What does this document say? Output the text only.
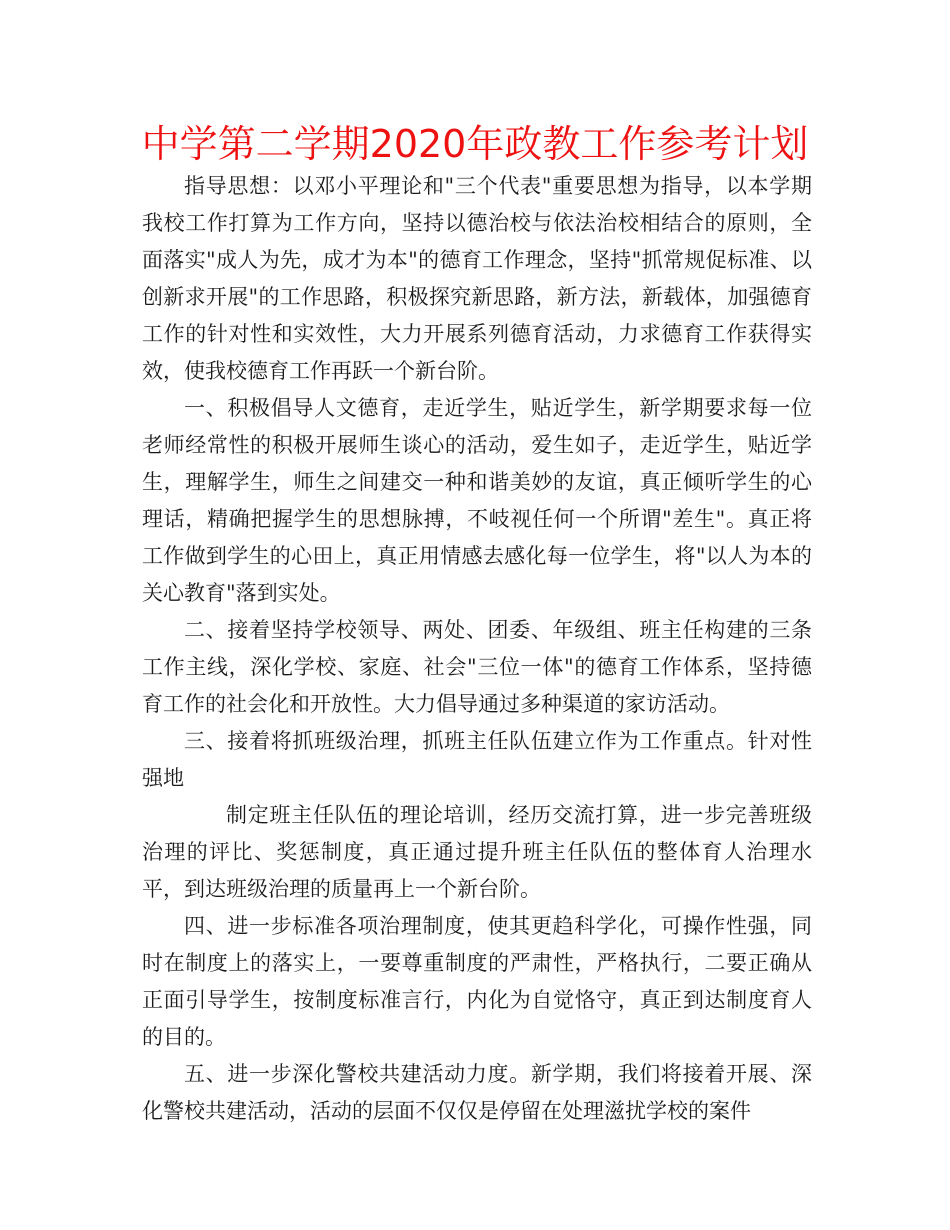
中学第二学期2020年政教工作参考计划

指导思想：以邓小平理论和"三个代表"重要思想为指导，以本学期我校工作打算为工作方向，坚持以德治校与依法治校相结合的原则，全面落实"成人为先，成才为本"的德育工作理念，坚持"抓常规促标准、以创新求开展"的工作思路，积极探究新思路，新方法，新载体，加强德育工作的针对性和实效性，大力开展系列德育活动，力求德育工作获得实效，使我校德育工作再跃一个新台阶。

一、积极倡导人文德育，走近学生，贴近学生，新学期要求每一位老师经常性的积极开展师生谈心的活动，爱生如子，走近学生，贴近学生，理解学生，师生之间建交一种和谐美妙的友谊，真正倾听学生的心理话，精确把握学生的思想脉搏，不岐视任何一个所谓"差生"。真正将工作做到学生的心田上，真正用情感去感化每一位学生，将"以人为本的关心教育"落到实处。

二、接着坚持学校领导、两处、团委、年级组、班主任构建的三条工作主线，深化学校、家庭、社会"三位一体"的德育工作体系，坚持德育工作的社会化和开放性。大力倡导通过多种渠道的家访活动。

三、接着将抓班级治理，抓班主任队伍建立作为工作重点。针对性强地

制定班主任队伍的理论培训，经历交流打算，进一步完善班级治理的评比、奖惩制度，真正通过提升班主任队伍的整体育人治理水平，到达班级治理的质量再上一个新台阶。

四、进一步标准各项治理制度，使其更趋科学化，可操作性强，同时在制度上的落实上，一要尊重制度的严肃性，严格执行，二要正确从正面引导学生，按制度标准言行，内化为自觉恪守，真正到达制度育人的目的。

五、进一步深化警校共建活动力度。新学期，我们将接着开展、深化警校共建活动，活动的层面不仅仅是停留在处理滋扰学校的案件
